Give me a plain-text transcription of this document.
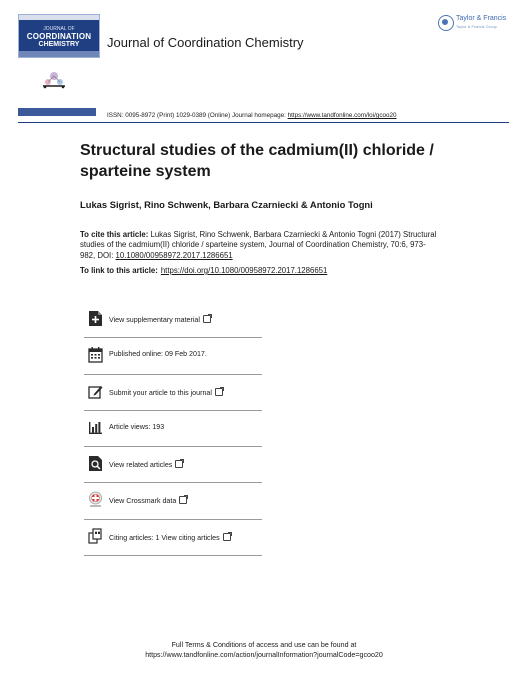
JOURNAL OF
COORDINATION
CHEMISTRY	Journal of Coordination Chemistry
Taylor & Francis
Taylor & Francis Group
ISSN: 0095-8972 (Print) 1029-0389 (Online) Journal homepage: https://www.tandfonline.com/loi/gcoo20
Structural studies of the cadmium(II) chloride / sparteine system
Lukas Sigrist, Rino Schwenk, Barbara Czarniecki & Antonio Togni
To cite this article: Lukas Sigrist, Rino Schwenk, Barbara Czarniecki & Antonio Togni (2017) Structural studies of the cadmium(II) chloride / sparteine system, Journal of Coordination Chemistry, 70:6, 973-982, DOI: 10.1080/00958972.2017.1286651
To link to this article: https://doi.org/10.1080/00958972.2017.1286651
View supplementary material
Published online: 09 Feb 2017.
Submit your article to this journal
Article views: 193
View related articles
View Crossmark data
Citing articles: 1 View citing articles
Full Terms & Conditions of access and use can be found at
https://www.tandfonline.com/action/journalInformation?journalCode=gcoo20
